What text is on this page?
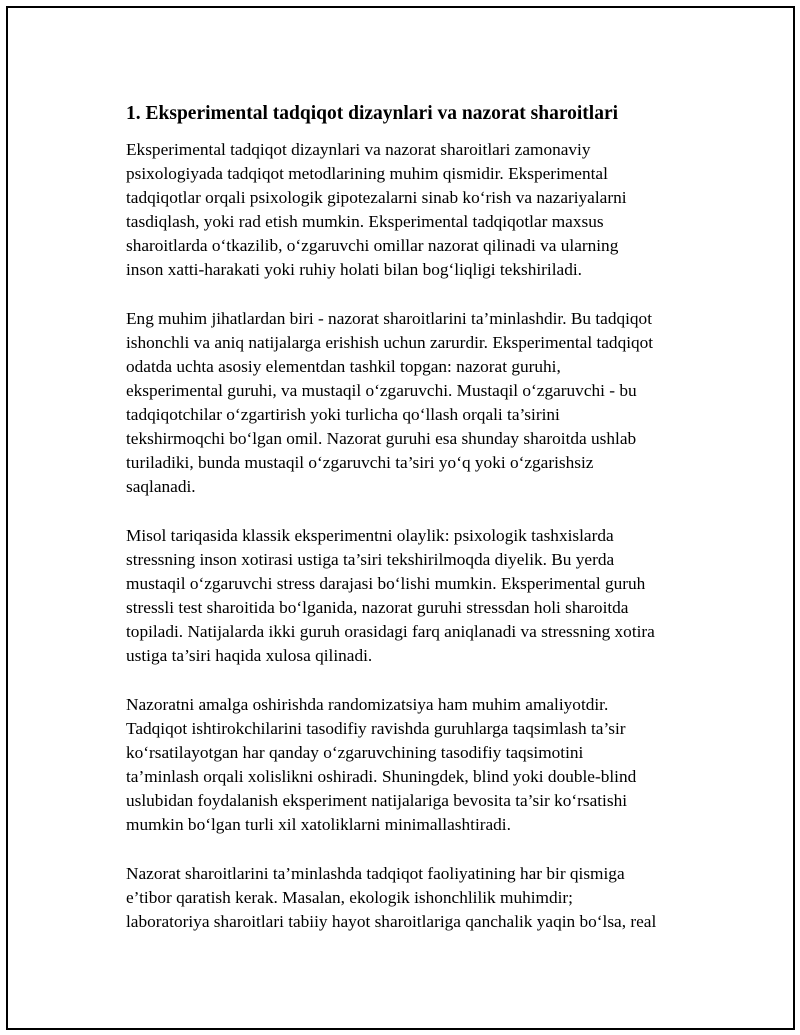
1. Eksperimental tadqiqot dizaynlari va nazorat sharoitlari

Eksperimental tadqiqot dizaynlari va nazorat sharoitlari zamonaviy
psixologiyada tadqiqot metodlarining muhim qismidir. Eksperimental
tadqiqotlar orqali psixologik gipotezalarni sinab ko‘rish va nazariyalarni
tasdiqlash, yoki rad etish mumkin. Eksperimental tadqiqotlar maxsus
sharoitlarda o‘tkazilib, o‘zgaruvchi omillar nazorat qilinadi va ularning
inson xatti-harakati yoki ruhiy holati bilan bog‘liqligi tekshiriladi.

Eng muhim jihatlardan biri - nazorat sharoitlarini ta’minlashdir. Bu tadqiqot
ishonchli va aniq natijalarga erishish uchun zarurdir. Eksperimental tadqiqot
odatda uchta asosiy elementdan tashkil topgan: nazorat guruhi,
eksperimental guruhi, va mustaqil o‘zgaruvchi. Mustaqil o‘zgaruvchi - bu
tadqiqotchilar o‘zgartirish yoki turlicha qo‘llash orqali ta’sirini
tekshirmoqchi bo‘lgan omil. Nazorat guruhi esa shunday sharoitda ushlab
turiladiki, bunda mustaqil o‘zgaruvchi ta’siri yo‘q yoki o‘zgarishsiz
saqlanadi.

Misol tariqasida klassik eksperimentni olaylik: psixologik tashxislarda
stressning inson xotirasi ustiga ta’siri tekshirilmoqda diyelik. Bu yerda
mustaqil o‘zgaruvchi stress darajasi bo‘lishi mumkin. Eksperimental guruh
stressli test sharoitida bo‘lganida, nazorat guruhi stressdan holi sharoitda
topiladi. Natijalarda ikki guruh orasidagi farq aniqlanadi va stressning xotira
ustiga ta’siri haqida xulosa qilinadi.

Nazoratni amalga oshirishda randomizatsiya ham muhim amaliyotdir.
Tadqiqot ishtirokchilarini tasodifiy ravishda guruhlarga taqsimlash ta’sir
ko‘rsatilayotgan har qanday o‘zgaruvchining tasodifiy taqsimotini
ta’minlash orqali xolislikni oshiradi. Shuningdek, blind yoki double-blind
uslubidan foydalanish eksperiment natijalariga bevosita ta’sir ko‘rsatishi
mumkin bo‘lgan turli xil xatoliklarni minimallashtiradi.

Nazorat sharoitlarini ta’minlashda tadqiqot faoliyatining har bir qismiga
e’tibor qaratish kerak. Masalan, ekologik ishonchlilik muhimdir;
laboratoriya sharoitlari tabiiy hayot sharoitlariga qanchalik yaqin bo‘lsa, real
